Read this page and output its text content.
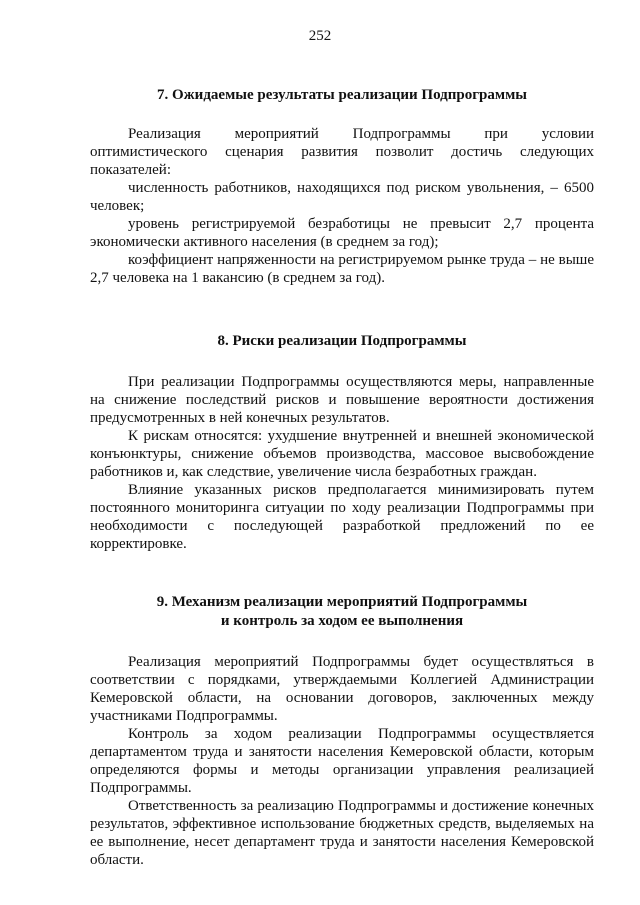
252
7. Ожидаемые результаты реализации Подпрограммы

Реализация мероприятий Подпрограммы при условии оптимистического сценария развития позволит достичь следующих показателей:

численность работников, находящихся под риском увольнения, – 6500 человек;

уровень регистрируемой безработицы не превысит 2,7 процента экономически активного населения (в среднем за год);

коэффициент напряженности на регистрируемом рынке труда – не выше 2,7 человека на 1 вакансию (в среднем за год).

8. Риски реализации Подпрограммы

При реализации Подпрограммы осуществляются меры, направленные на снижение последствий рисков и повышение вероятности достижения предусмотренных в ней конечных результатов.

К рискам относятся: ухудшение внутренней и внешней экономической конъюнктуры, снижение объемов производства, массовое высвобождение работников и, как следствие, увеличение числа безработных граждан.

Влияние указанных рисков предполагается минимизировать путем постоянного мониторинга ситуации по ходу реализации Подпрограммы при необходимости с последующей разработкой предложений по ее корректировке.

9. Механизм реализации мероприятий Подпрограммы
и контроль за ходом ее выполнения

Реализация мероприятий Подпрограммы будет осуществляться в соответствии с порядками, утверждаемыми Коллегией Администрации Кемеровской области, на основании договоров, заключенных между участниками Подпрограммы.

Контроль за ходом реализации Подпрограммы осуществляется департаментом труда и занятости населения Кемеровской области, которым определяются формы и методы организации управления реализацией Подпрограммы.

Ответственность за реализацию Подпрограммы и достижение конечных результатов, эффективное использование бюджетных средств, выделяемых на ее выполнение, несет департамент труда и занятости населения Кемеровской области.
